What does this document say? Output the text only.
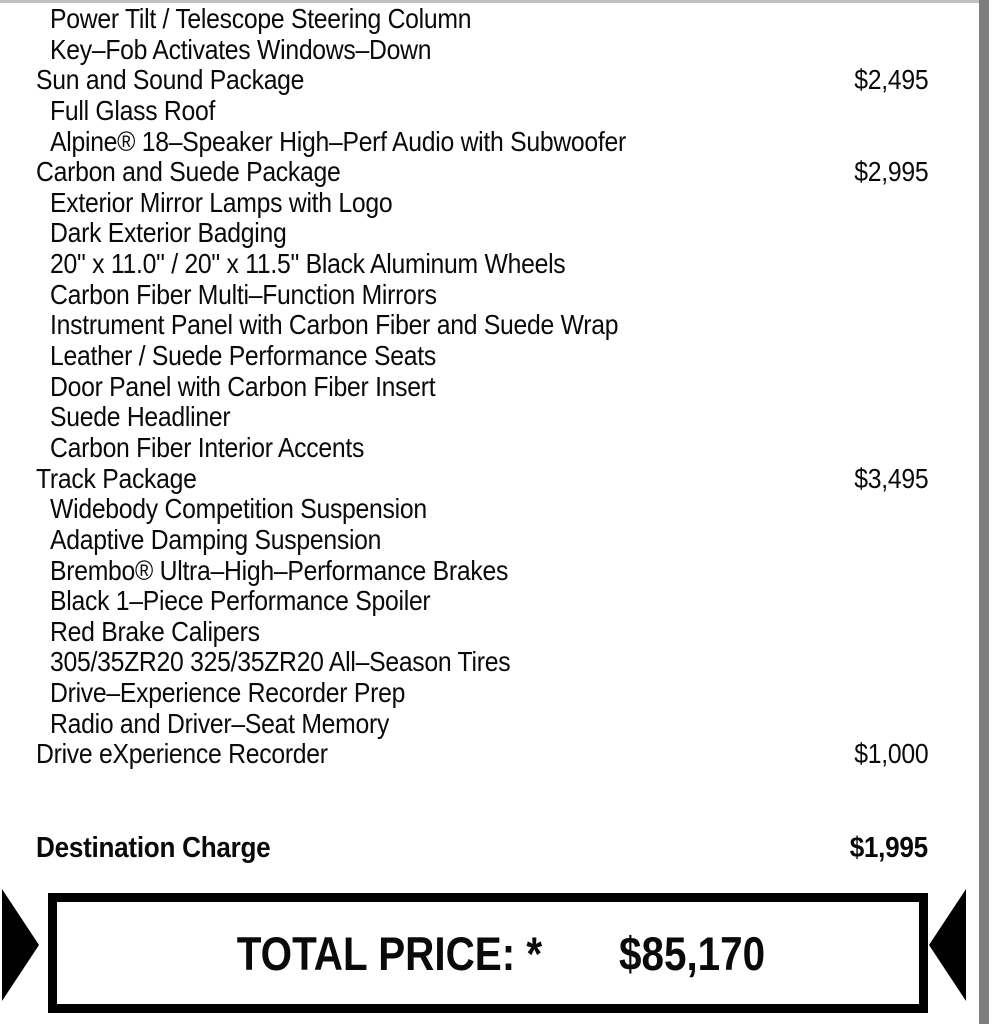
Power Tilt / Telescope Steering Column
Key–Fob Activates Windows–Down
Sun and Sound Package	$2,495
Full Glass Roof
Alpine® 18–Speaker High–Perf Audio with Subwoofer
Carbon and Suede Package	$2,995
Exterior Mirror Lamps with Logo
Dark Exterior Badging
20" x 11.0" / 20" x 11.5" Black Aluminum Wheels
Carbon Fiber Multi–Function Mirrors
Instrument Panel with Carbon Fiber and Suede Wrap
Leather / Suede Performance Seats
Door Panel with Carbon Fiber Insert
Suede Headliner
Carbon Fiber Interior Accents
Track Package	$3,495
Widebody Competition Suspension
Adaptive Damping Suspension
Brembo® Ultra–High–Performance Brakes
Black 1–Piece Performance Spoiler
Red Brake Calipers
305/35ZR20 325/35ZR20 All–Season Tires
Drive–Experience Recorder Prep
Radio and Driver–Seat Memory
Drive eXperience Recorder	$1,000
Destination Charge	$1,995
TOTAL PRICE: * $85,170
